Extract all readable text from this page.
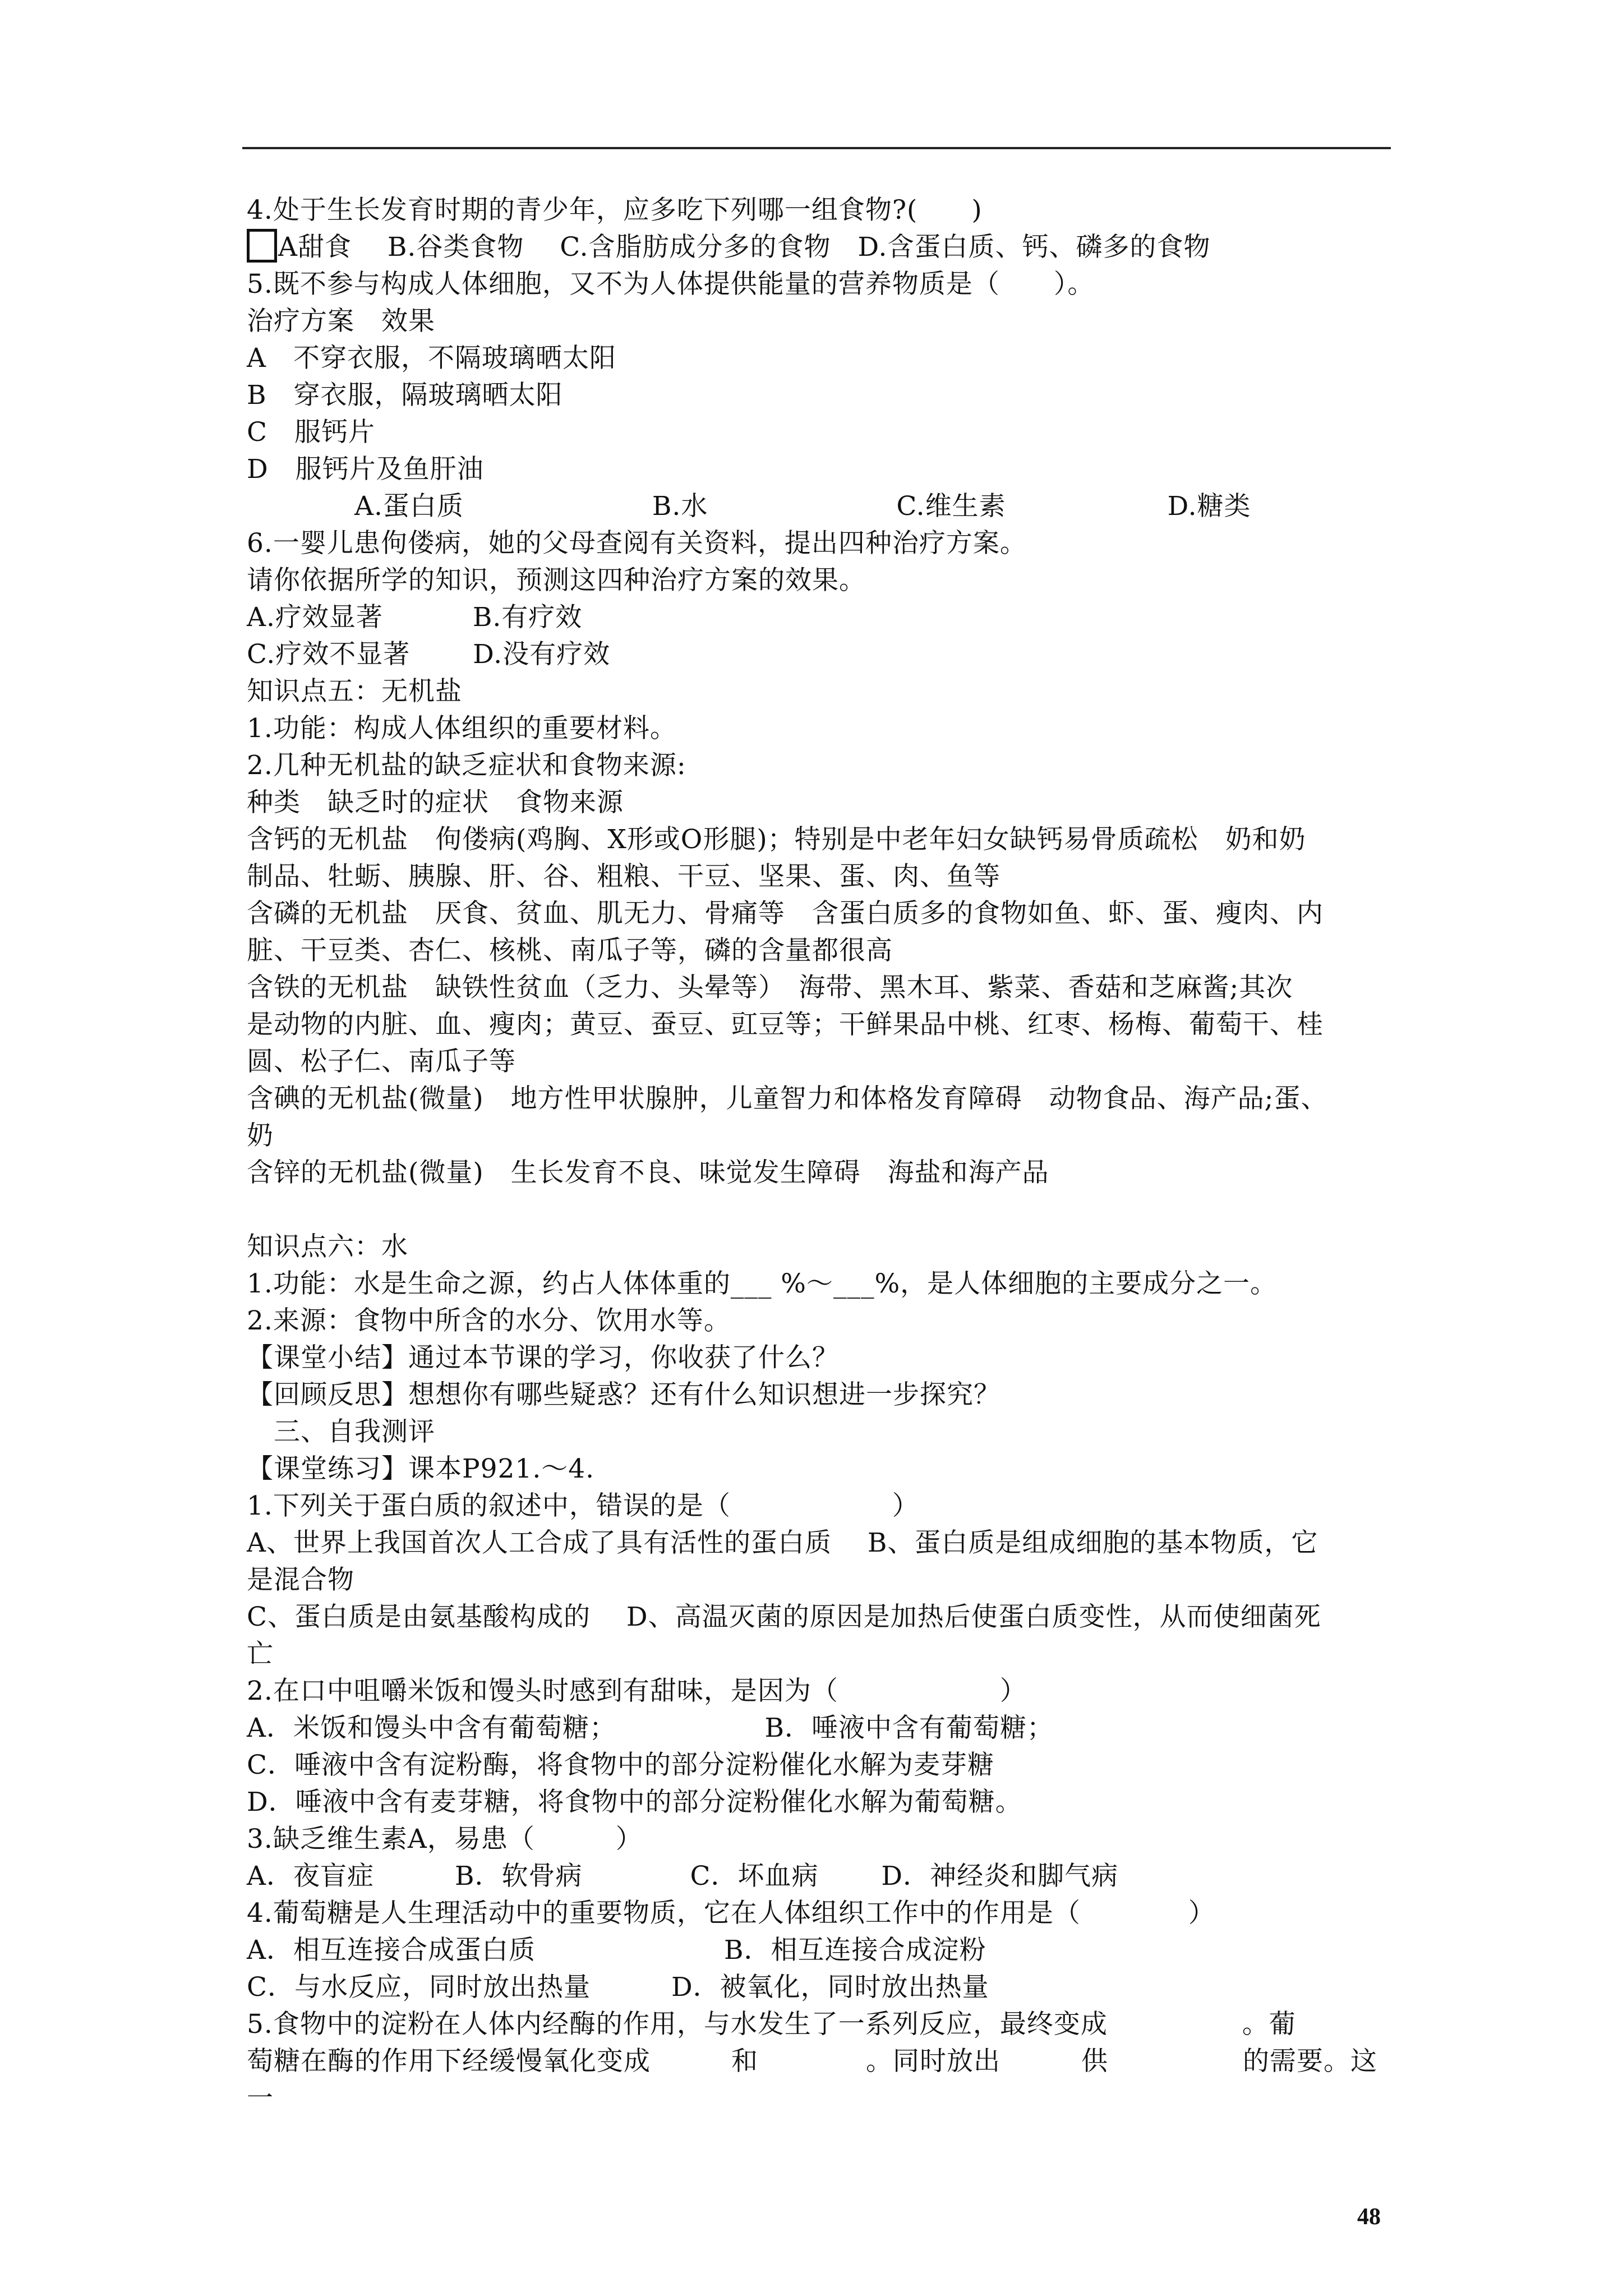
4.处于生长发育时期的青少年，应多吃下列哪一组食物?(　　)

A甜食　 B.谷类食物　 C.含脂肪成分多的食物　D.含蛋白质、钙、磷多的食物

5.既不参与构成人体细胞，又不为人体提供能量的营养物质是（　　）。

治疗方案　效果

A　不穿衣服，不隔玻璃晒太阳

B　穿衣服，隔玻璃晒太阳

C　服钙片

D　服钙片及鱼肝油

　　　　A.蛋白质　　　　　　　B.水　　　　　　　C.维生素　　　　　　D.糖类

6.一婴儿患佝偻病，她的父母查阅有关资料，提出四种治疗方案。

请你依据所学的知识，预测这四种治疗方案的效果。

A.疗效显著　　　 B.有疗效

C.疗效不显著　　 D.没有疗效

知识点五：无机盐

1.功能：构成人体组织的重要材料。

2.几种无机盐的缺乏症状和食物来源:

种类　缺乏时的症状　食物来源

含钙的无机盐　佝偻病(鸡胸、X形或O形腿)；特别是中老年妇女缺钙易骨质疏松　奶和奶

制品、牡蛎、胰腺、肝、谷、粗粮、干豆、坚果、蛋、肉、鱼等

含磷的无机盐　厌食、贫血、肌无力、骨痛等　含蛋白质多的食物如鱼、虾、蛋、瘦肉、内

脏、干豆类、杏仁、核桃、南瓜子等，磷的含量都很高

含铁的无机盐　缺铁性贫血（乏力、头晕等）　海带、黑木耳、紫菜、香菇和芝麻酱;其次

是动物的内脏、血、瘦肉；黄豆、蚕豆、豇豆等；干鲜果品中桃、红枣、杨梅、葡萄干、桂

圆、松子仁、南瓜子等

含碘的无机盐(微量)　地方性甲状腺肿，儿童智力和体格发育障碍　动物食品、海产品;蛋、

奶

含锌的无机盐(微量)　生长发育不良、味觉发生障碍　海盐和海产品

知识点六：水

1.功能：水是生命之源，约占人体体重的___ %～___%，是人体细胞的主要成分之一。

2.来源：食物中所含的水分、饮用水等。

【课堂小结】通过本节课的学习，你收获了什么？

【回顾反思】想想你有哪些疑惑？还有什么知识想进一步探究？

　三、自我测评

【课堂练习】课本P921.～4.

1.下列关于蛋白质的叙述中，错误的是（　　　　　　）

A、世界上我国首次人工合成了具有活性的蛋白质　 B、蛋白质是组成细胞的基本物质，它

是混合物

C、蛋白质是由氨基酸构成的　 D、高温灭菌的原因是加热后使蛋白质变性，从而使细菌死

亡

2.在口中咀嚼米饭和馒头时感到有甜味，是因为（　　　　　　）

A．米饭和馒头中含有葡萄糖；　　　　　　B．唾液中含有葡萄糖；

C．唾液中含有淀粉酶，将食物中的部分淀粉催化水解为麦芽糖

D．唾液中含有麦芽糖，将食物中的部分淀粉催化水解为葡萄糖。

3.缺乏维生素A，易患（　　　）

A．夜盲症　　　B．软骨病　　　　C．坏血病　　 D．神经炎和脚气病

4.葡萄糖是人生理活动中的重要物质，它在人体组织工作中的作用是（　　　　）

A．相互连接合成蛋白质　　　　　　　B．相互连接合成淀粉

C．与水反应，同时放出热量　　　D．被氧化，同时放出热量

5.食物中的淀粉在人体内经酶的作用，与水发生了一系列反应，最终变成　　　　　。葡

萄糖在酶的作用下经缓慢氧化变成　　　和　　　　。同时放出　　　供　　　　　的需要。这一

48
